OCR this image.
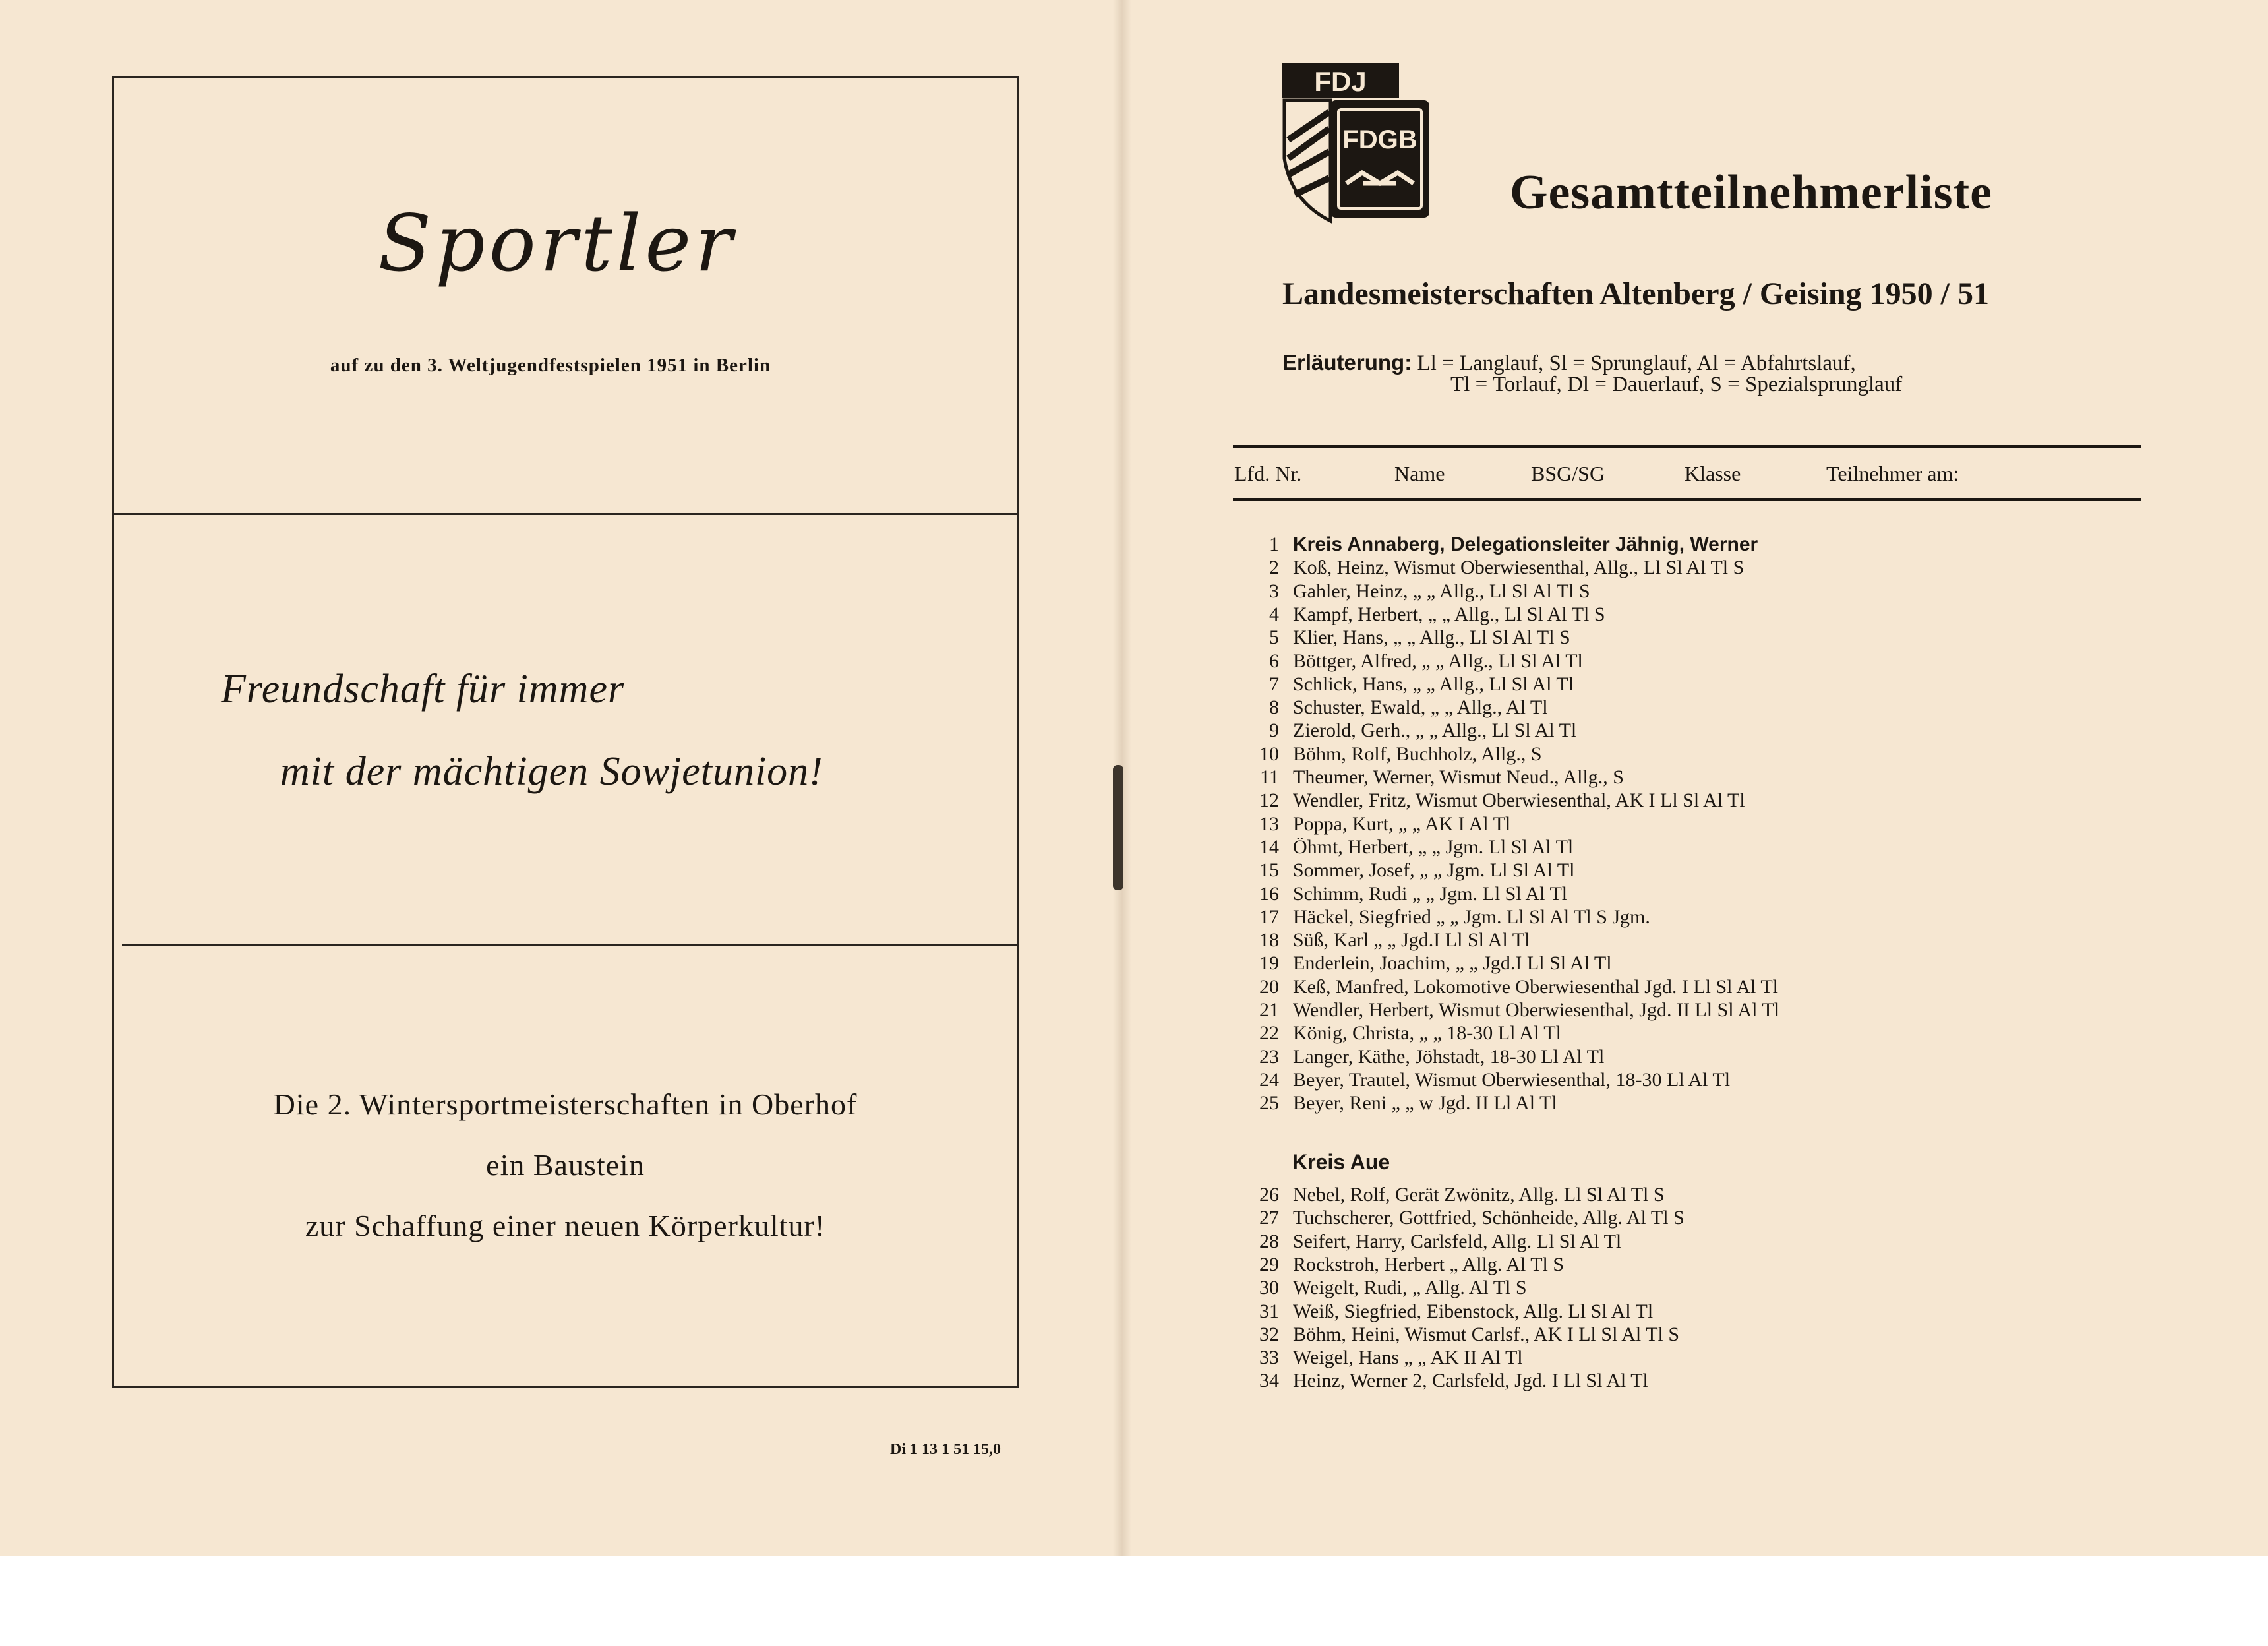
Sportler
auf zu den 3. Weltjugendfestspielen 1951 in Berlin
Freundschaft für immer
mit der mächtigen Sowjetunion!
Die 2. Wintersportmeisterschaften in Oberhof
ein Baustein
zur Schaffung einer neuen Körperkultur!
Di 1 13 1 51 15,0
FDJ
FDGB
Gesamtteilnehmerliste
Landesmeisterschaften Altenberg / Geising 1950 / 51
Erläuterung: Ll = Langlauf, Sl = Sprunglauf, Al = Abfahrtslauf,
Tl = Torlauf, Dl = Dauerlauf, S = Spezialsprunglauf
Lfd. Nr.	Name	BSG/SG	Klasse	Teilnehmer am:
Kreis Aue
1 Kreis Annaberg, Delegationsleiter Jähnig, Werner
2 Koß, Heinz, Wismut Oberwiesenthal, Allg., Ll Sl Al Tl S
3 Gahler, Heinz, „ „ Allg., Ll Sl Al Tl S
4 Kampf, Herbert, „ „ Allg., Ll Sl Al Tl S
5 Klier, Hans, „ „ Allg., Ll Sl Al Tl S
6 Böttger, Alfred, „ „ Allg., Ll Sl Al Tl
7 Schlick, Hans, „ „ Allg., Ll Sl Al Tl
8 Schuster, Ewald, „ „ Allg., Al Tl
9 Zierold, Gerh., „ „ Allg., Ll Sl Al Tl
10 Böhm, Rolf, Buchholz, Allg., S
11 Theumer, Werner, Wismut Neud., Allg., S
12 Wendler, Fritz, Wismut Oberwiesenthal, AK I Ll Sl Al Tl
13 Poppa, Kurt, „ „ AK I Al Tl
14 Öhmt, Herbert, „ „ Jgm. Ll Sl Al Tl
15 Sommer, Josef, „ „ Jgm. Ll Sl Al Tl
16 Schimm, Rudi „ „ Jgm. Ll Sl Al Tl
17 Häckel, Siegfried „ „ Jgm. Ll Sl Al Tl S Jgm.
18 Süß, Karl „ „ Jgd.I Ll Sl Al Tl
19 Enderlein, Joachim, „ „ Jgd.I Ll Sl Al Tl
20 Keß, Manfred, Lokomotive Oberwiesenthal Jgd. I Ll Sl Al Tl
21 Wendler, Herbert, Wismut Oberwiesenthal, Jgd. II Ll Sl Al Tl
22 König, Christa, „ „ 18-30 Ll Al Tl
23 Langer, Käthe, Jöhstadt, 18-30 Ll Al Tl
24 Beyer, Trautel, Wismut Oberwiesenthal, 18-30 Ll Al Tl
25 Beyer, Reni „ „ w Jgd. II Ll Al Tl
26 Nebel, Rolf, Gerät Zwönitz, Allg. Ll Sl Al Tl S
27 Tuchscherer, Gottfried, Schönheide, Allg. Al Tl S
28 Seifert, Harry, Carlsfeld, Allg. Ll Sl Al Tl
29 Rockstroh, Herbert „ Allg. Al Tl S
30 Weigelt, Rudi, „ Allg. Al Tl S
31 Weiß, Siegfried, Eibenstock, Allg. Ll Sl Al Tl
32 Böhm, Heini, Wismut Carlsf., AK I Ll Sl Al Tl S
33 Weigel, Hans „ „ AK II Al Tl
34 Heinz, Werner 2, Carlsfeld, Jgd. I Ll Sl Al Tl
